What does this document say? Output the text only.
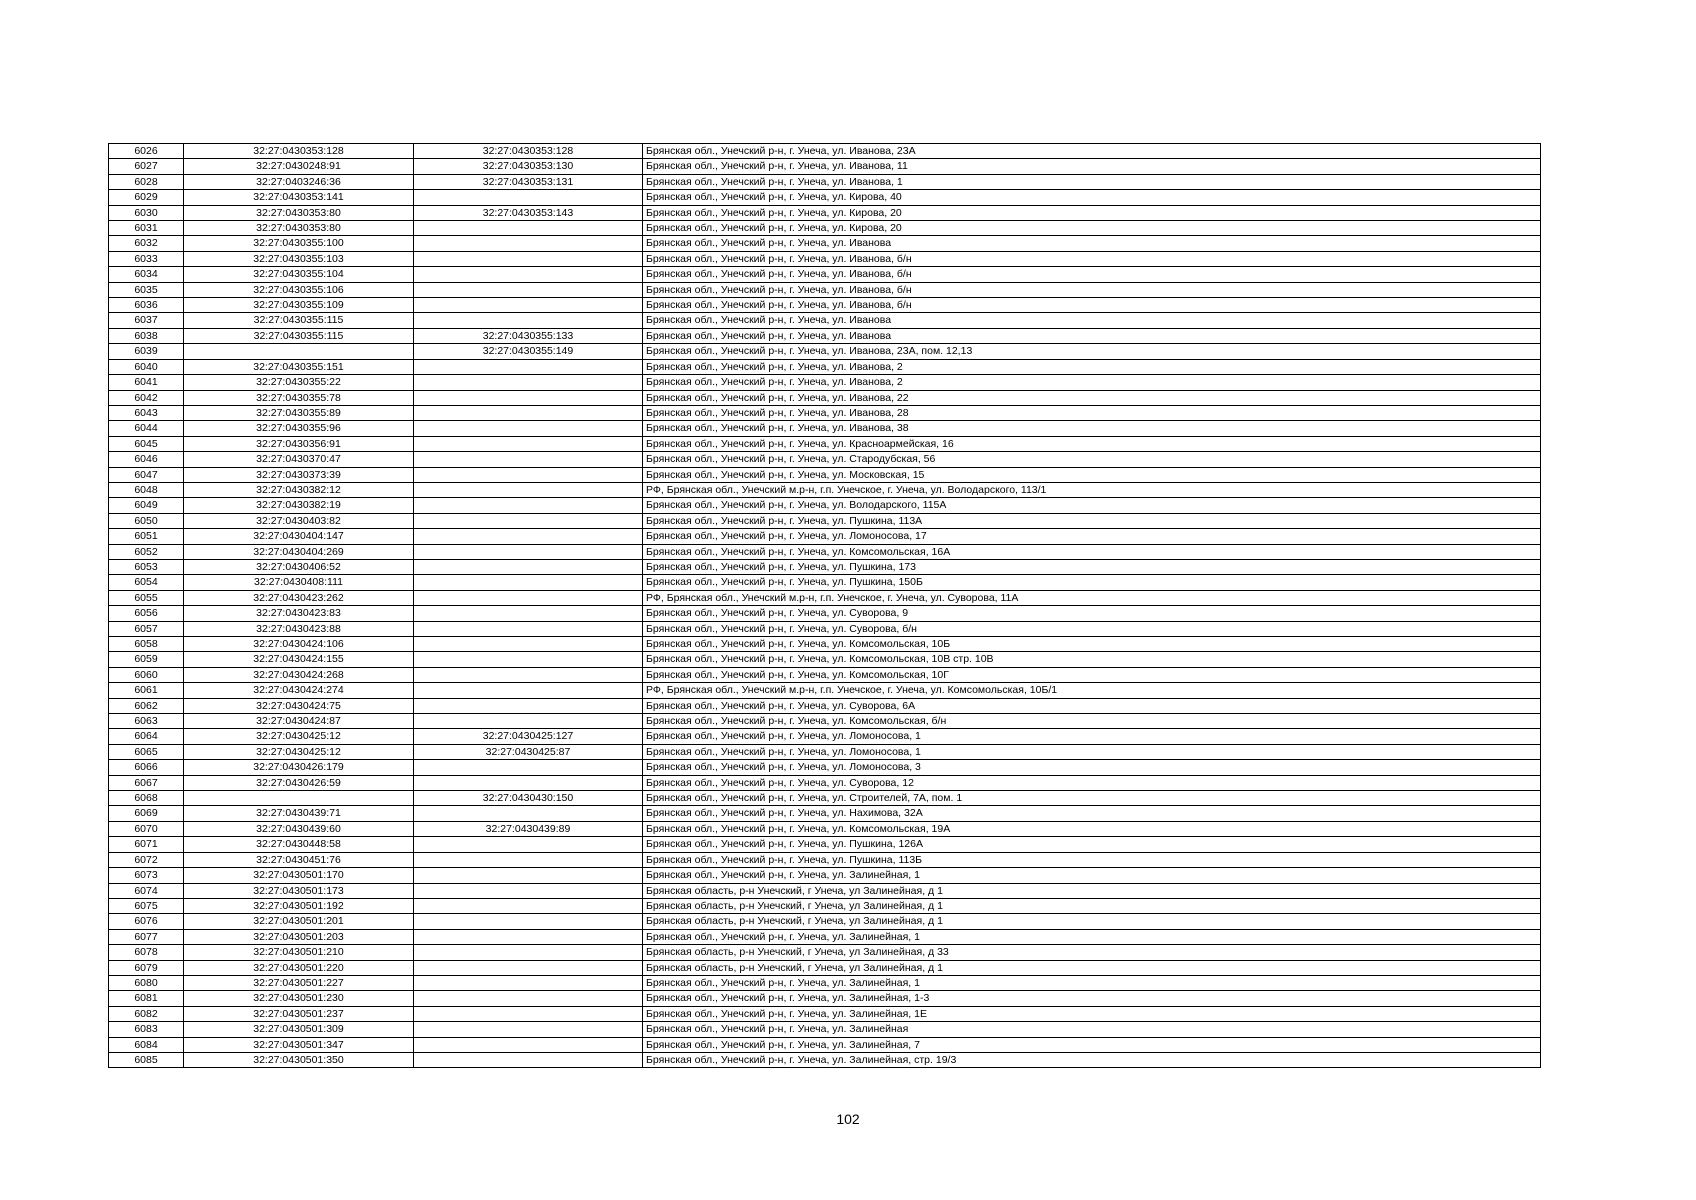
6026	32:27:0430353:128	32:27:0430353:128	Брянская обл., Унечский р-н, г. Унеча, ул. Иванова, 23А
6027	32:27:0430248:91	32:27:0430353:130	Брянская обл., Унечский р-н, г. Унеча, ул. Иванова, 11
6028	32:27:0403246:36	32:27:0430353:131	Брянская обл., Унечский р-н, г. Унеча, ул. Иванова, 1
6029	32:27:0430353:141		Брянская обл., Унечский р-н, г. Унеча, ул. Кирова, 40
6030	32:27:0430353:80	32:27:0430353:143	Брянская обл., Унечский р-н, г. Унеча, ул. Кирова, 20
6031	32:27:0430353:80		Брянская обл., Унечский р-н, г. Унеча, ул. Кирова, 20
6032	32:27:0430355:100		Брянская обл., Унечский р-н, г. Унеча, ул. Иванова
6033	32:27:0430355:103		Брянская обл., Унечский р-н, г. Унеча, ул. Иванова, б/н
6034	32:27:0430355:104		Брянская обл., Унечский р-н, г. Унеча, ул. Иванова, б/н
6035	32:27:0430355:106		Брянская обл., Унечский р-н, г. Унеча, ул. Иванова, б/н
6036	32:27:0430355:109		Брянская обл., Унечский р-н, г. Унеча, ул. Иванова, б/н
6037	32:27:0430355:115		Брянская обл., Унечский р-н, г. Унеча, ул. Иванова
6038	32:27:0430355:115	32:27:0430355:133	Брянская обл., Унечский р-н, г. Унеча, ул. Иванова
6039		32:27:0430355:149	Брянская обл., Унечский р-н, г. Унеча, ул. Иванова, 23А, пом. 12,13
6040	32:27:0430355:151		Брянская обл., Унечский р-н, г. Унеча, ул. Иванова, 2
6041	32:27:0430355:22		Брянская обл., Унечский р-н, г. Унеча, ул. Иванова, 2
6042	32:27:0430355:78		Брянская обл., Унечский р-н, г. Унеча, ул. Иванова, 22
6043	32:27:0430355:89		Брянская обл., Унечский р-н, г. Унеча, ул. Иванова, 28
6044	32:27:0430355:96		Брянская обл., Унечский р-н, г. Унеча, ул. Иванова, 38
6045	32:27:0430356:91		Брянская обл., Унечский р-н, г. Унеча, ул. Красноармейская, 16
6046	32:27:0430370:47		Брянская обл., Унечский р-н, г. Унеча, ул. Стародубская, 56
6047	32:27:0430373:39		Брянская обл., Унечский р-н, г. Унеча, ул. Московская, 15
6048	32:27:0430382:12		РФ, Брянская обл., Унечский м.р-н, г.п. Унечское, г. Унеча, ул. Володарского, 113/1
6049	32:27:0430382:19		Брянская обл., Унечский р-н, г. Унеча, ул. Володарского, 115А
6050	32:27:0430403:82		Брянская обл., Унечский р-н, г. Унеча, ул. Пушкина, 113А
6051	32:27:0430404:147		Брянская обл., Унечский р-н, г. Унеча, ул. Ломоносова, 17
6052	32:27:0430404:269		Брянская обл., Унечский р-н, г. Унеча, ул. Комсомольская, 16А
6053	32:27:0430406:52		Брянская обл., Унечский р-н, г. Унеча, ул. Пушкина, 173
6054	32:27:0430408:111		Брянская обл., Унечский р-н, г. Унеча, ул. Пушкина, 150Б
6055	32:27:0430423:262		РФ, Брянская обл., Унечский м.р-н, г.п. Унечское, г. Унеча, ул. Суворова, 11А
6056	32:27:0430423:83		Брянская обл., Унечский р-н, г. Унеча, ул. Суворова, 9
6057	32:27:0430423:88		Брянская обл., Унечский р-н, г. Унеча, ул. Суворова, б/н
6058	32:27:0430424:106		Брянская обл., Унечский р-н, г. Унеча, ул. Комсомольская, 10Б
6059	32:27:0430424:155		Брянская обл., Унечский р-н, г. Унеча, ул. Комсомольская, 10В стр. 10В
6060	32:27:0430424:268		Брянская обл., Унечский р-н, г. Унеча, ул. Комсомольская, 10Г
6061	32:27:0430424:274		РФ, Брянская обл., Унечский м.р-н, г.п. Унечское, г. Унеча, ул. Комсомольская, 10Б/1
6062	32:27:0430424:75		Брянская обл., Унечский р-н, г. Унеча, ул. Суворова, 6А
6063	32:27:0430424:87		Брянская обл., Унечский р-н, г. Унеча, ул. Комсомольская, б/н
6064	32:27:0430425:12	32:27:0430425:127	Брянская обл., Унечский р-н, г. Унеча, ул. Ломоносова, 1
6065	32:27:0430425:12	32:27:0430425:87	Брянская обл., Унечский р-н, г. Унеча, ул. Ломоносова, 1
6066	32:27:0430426:179		Брянская обл., Унечский р-н, г. Унеча, ул. Ломоносова, 3
6067	32:27:0430426:59		Брянская обл., Унечский р-н, г. Унеча, ул. Суворова, 12
6068		32:27:0430430:150	Брянская обл., Унечский р-н, г. Унеча, ул. Строителей, 7А, пом. 1
6069	32:27:0430439:71		Брянская обл., Унечский р-н, г. Унеча, ул. Нахимова, 32А
6070	32:27:0430439:60	32:27:0430439:89	Брянская обл., Унечский р-н, г. Унеча, ул. Комсомольская, 19А
6071	32:27:0430448:58		Брянская обл., Унечский р-н, г. Унеча, ул. Пушкина, 126А
6072	32:27:0430451:76		Брянская обл., Унечский р-н, г. Унеча, ул. Пушкина, 113Б
6073	32:27:0430501:170		Брянская обл., Унечский р-н, г. Унеча, ул. Залинейная, 1
6074	32:27:0430501:173		Брянская область, р-н Унечский, г Унеча, ул Залинейная, д 1
6075	32:27:0430501:192		Брянская область, р-н Унечский, г Унеча, ул Залинейная, д 1
6076	32:27:0430501:201		Брянская область, р-н Унечский, г Унеча, ул Залинейная, д 1
6077	32:27:0430501:203		Брянская обл., Унечский р-н, г. Унеча, ул. Залинейная, 1
6078	32:27:0430501:210		Брянская область, р-н Унечский, г Унеча, ул Залинейная, д 33
6079	32:27:0430501:220		Брянская область, р-н Унечский, г Унеча, ул Залинейная, д 1
6080	32:27:0430501:227		Брянская обл., Унечский р-н, г. Унеча, ул. Залинейная, 1
6081	32:27:0430501:230		Брянская обл., Унечский р-н, г. Унеча, ул. Залинейная, 1-3
6082	32:27:0430501:237		Брянская обл., Унечский р-н, г. Унеча, ул. Залинейная, 1Е
6083	32:27:0430501:309		Брянская обл., Унечский р-н, г. Унеча, ул. Залинейная
6084	32:27:0430501:347		Брянская обл., Унечский р-н, г. Унеча, ул. Залинейная, 7
6085	32:27:0430501:350		Брянская обл., Унечский р-н, г. Унеча, ул. Залинейная, стр. 19/3
102
